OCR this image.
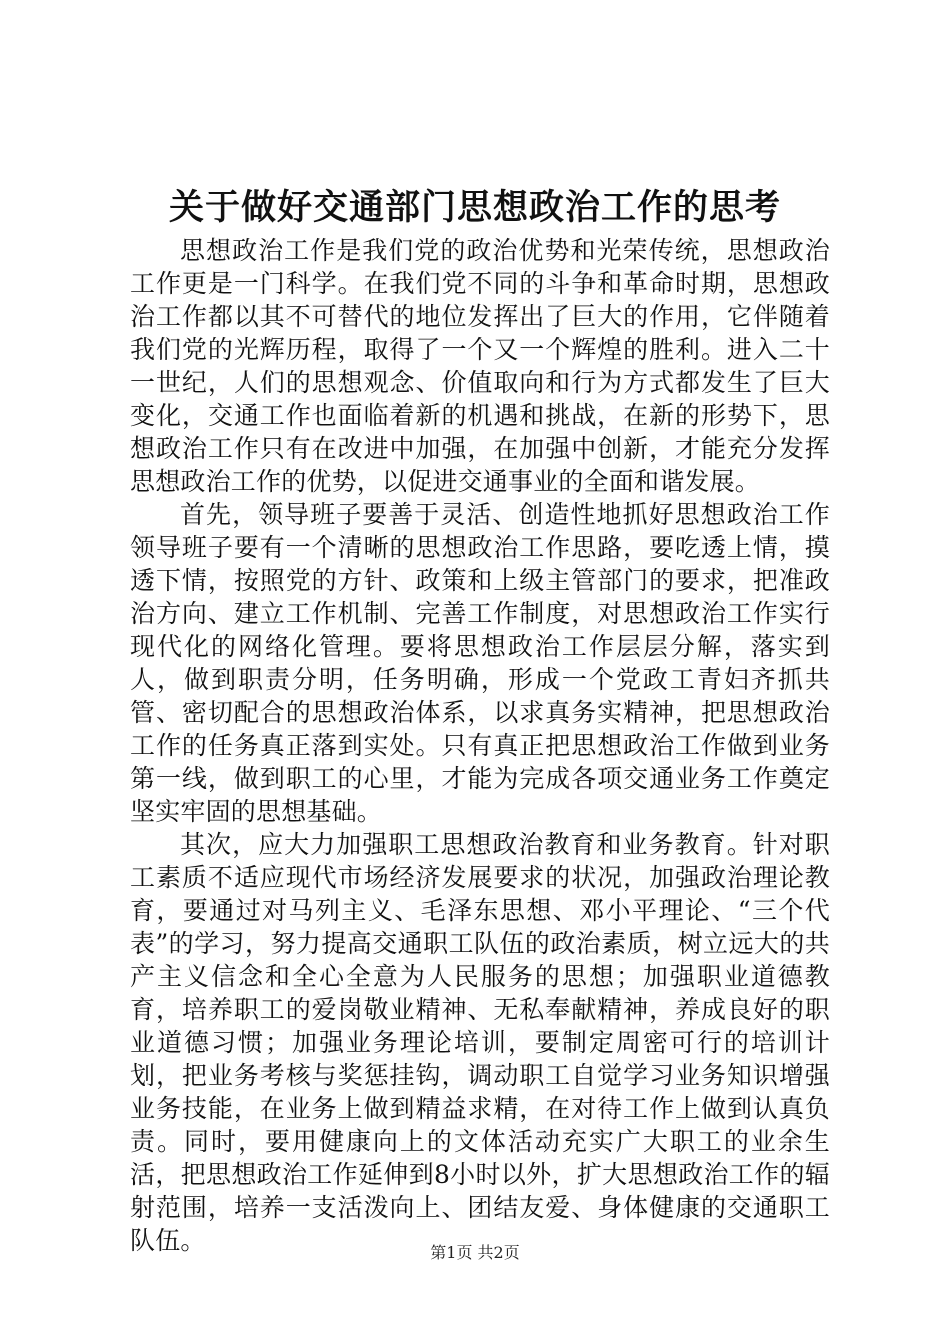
关于做好交通部门思想政治工作的思考

思想政治工作是我们党的政治优势和光荣传统，思想政治工作更是一门科学。在我们党不同的斗争和革命时期，思想政治工作都以其不可替代的地位发挥出了巨大的作用，它伴随着我们党的光辉历程，取得了一个又一个辉煌的胜利。进入二十一世纪，人们的思想观念、价值取向和行为方式都发生了巨大变化，交通工作也面临着新的机遇和挑战，在新的形势下，思想政治工作只有在改进中加强，在加强中创新，才能充分发挥思想政治工作的优势，以促进交通事业的全面和谐发展。

首先，领导班子要善于灵活、创造性地抓好思想政治工作领导班子要有一个清晰的思想政治工作思路，要吃透上情，摸透下情，按照党的方针、政策和上级主管部门的要求，把准政治方向、建立工作机制、完善工作制度，对思想政治工作实行现代化的网络化管理。要将思想政治工作层层分解，落实到人，做到职责分明，任务明确，形成一个党政工青妇齐抓共管、密切配合的思想政治体系，以求真务实精神，把思想政治工作的任务真正落到实处。只有真正把思想政治工作做到业务第一线，做到职工的心里，才能为完成各项交通业务工作奠定坚实牢固的思想基础。

其次，应大力加强职工思想政治教育和业务教育。针对职工素质不适应现代市场经济发展要求的状况，加强政治理论教育，要通过对马列主义、毛泽东思想、邓小平理论、“三个代表”的学习，努力提高交通职工队伍的政治素质，树立远大的共产主义信念和全心全意为人民服务的思想；加强职业道德教育，培养职工的爱岗敬业精神、无私奉献精神，养成良好的职业道德习惯；加强业务理论培训，要制定周密可行的培训计划，把业务考核与奖惩挂钩，调动职工自觉学习业务知识增强业务技能，在业务上做到精益求精，在对待工作上做到认真负责。同时，要用健康向上的文体活动充实广大职工的业余生活，把思想政治工作延伸到8小时以外，扩大思想政治工作的辐射范围，培养一支活泼向上、团结友爱、身体健康的交通职工队伍。	第1页 共2页
